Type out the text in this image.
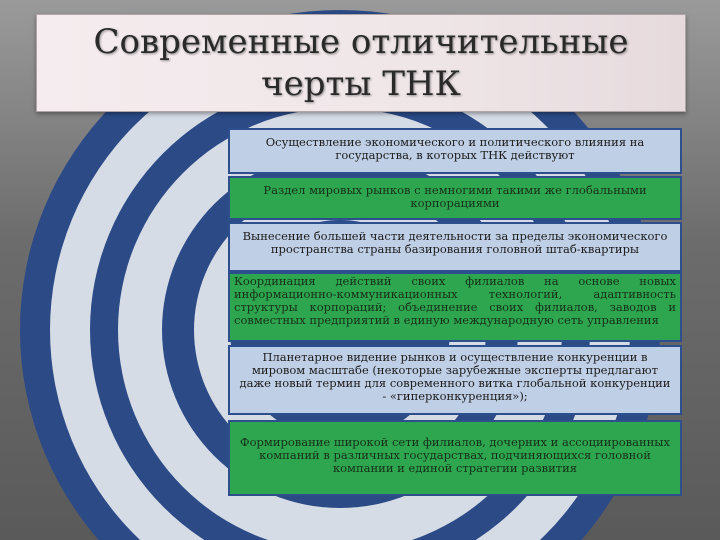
Современные отличительные
черты ТНК
Осуществление экономического и политического влияния на государства, в которых ТНК действуют
Раздел мировых рынков с немногими такими же глобальными корпорациями
Вынесение большей части деятельности за пределы экономического пространства страны базирования головной штаб-квартиры
Координация действий своих филиалов на основе новых информационно-коммуникационных технологий, адаптивность структуры корпораций; объединение своих филиалов, заводов и совместных предприятий в единую международную сеть управления
Планетарное видение рынков и осуществление конкуренции в мировом масштабе (некоторые зарубежные эксперты предлагают даже новый термин для современного витка глобальной конкуренции - «гиперконкуренция»);
Формирование широкой сети филиалов, дочерних и ассоциированных компаний в различных государствах, подчиняющихся головной компании и единой стратегии развития
